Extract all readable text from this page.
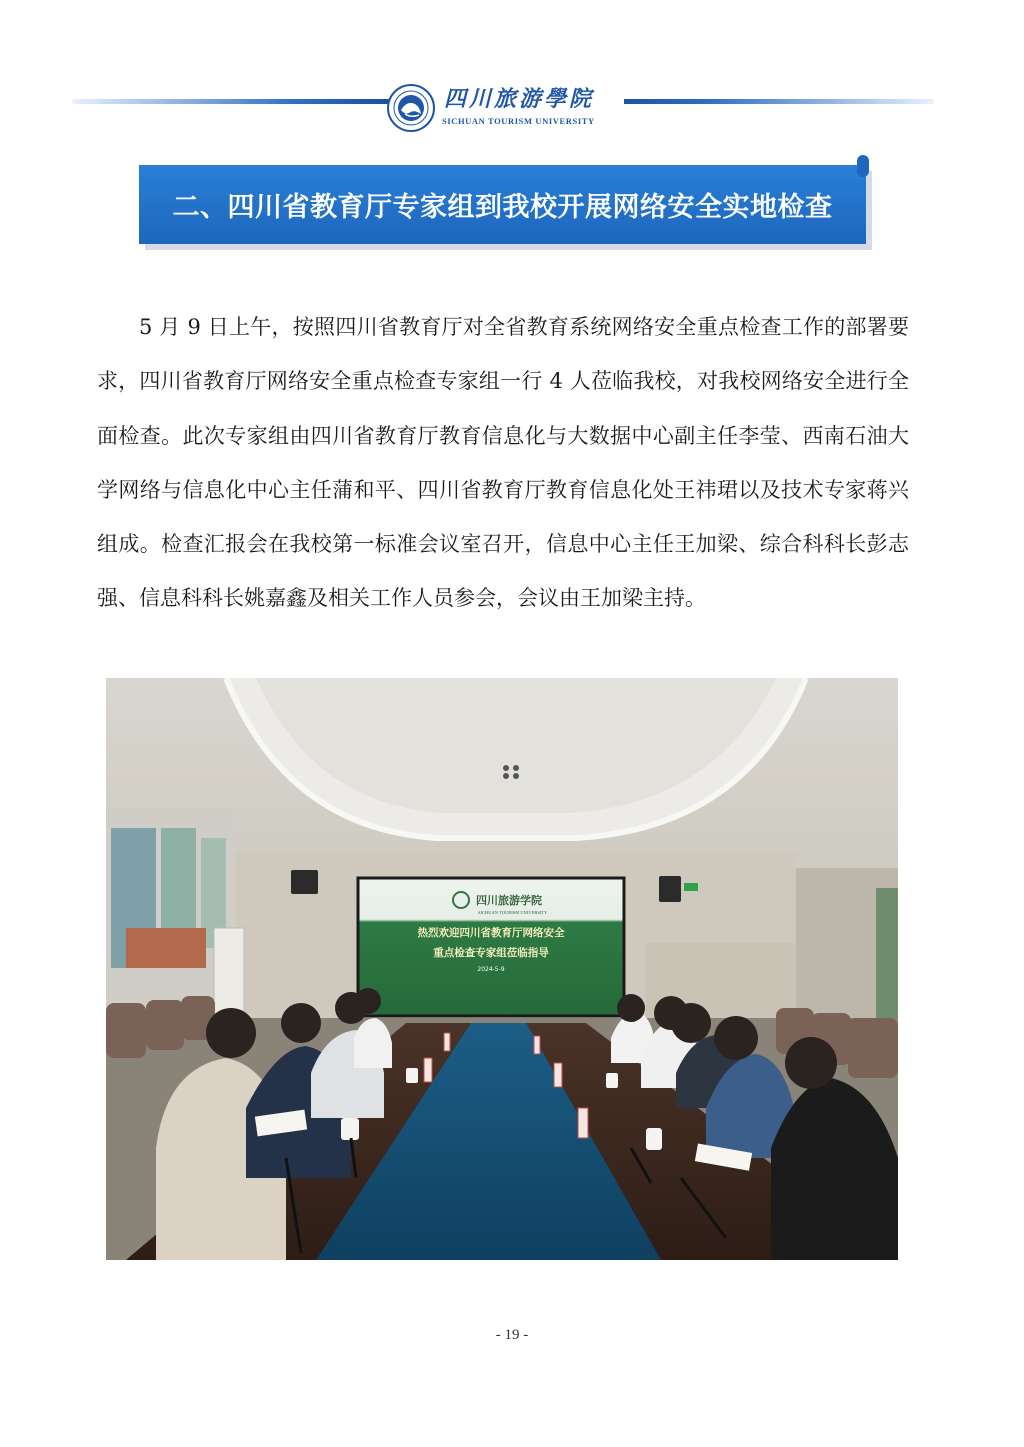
四川旅游學院
SICHUAN TOURISM UNIVERSITY
二、四川省教育厅专家组到我校开展网络安全实地检查

5 月 9 日上午，按照四川省教育厅对全省教育系统网络安全重点检查工作的部署要求，四川省教育厅网络安全重点检查专家组一行 4 人莅临我校，对我校网络安全进行全面检查。此次专家组由四川省教育厅教育信息化与大数据中心副主任李莹、西南石油大学网络与信息化中心主任蒲和平、四川省教育厅教育信息化处王祎珺以及技术专家蒋兴组成。检查汇报会在我校第一标准会议室召开，信息中心主任王加梁、综合科科长彭志强、信息科科长姚嘉鑫及相关工作人员参会，会议由王加梁主持。

四川旅游学院
SICHUAN TOURISM UNIVERSITY
热烈欢迎四川省教育厅网络安全
重点检查专家组莅临指导
2024-5-9
- 19 -
